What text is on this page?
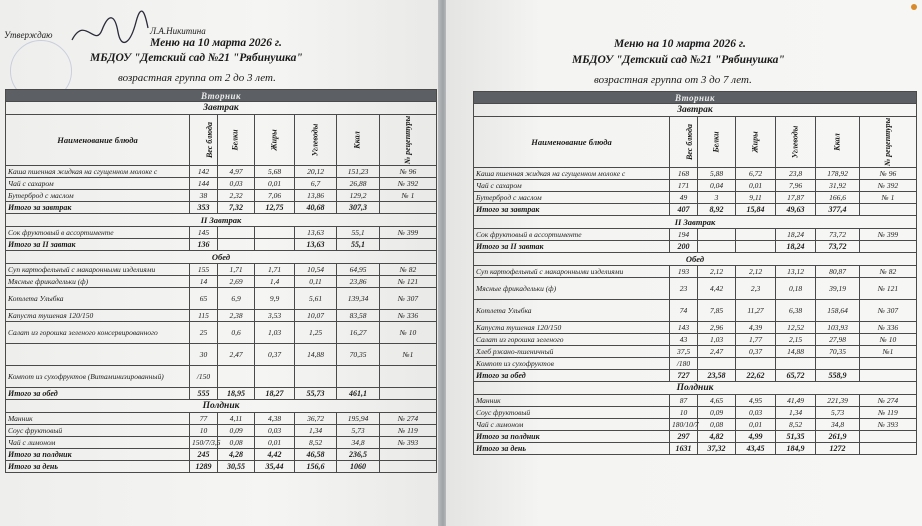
Утверждаю	Л.А.Никитина
Меню на 10 марта 2026 г.
МБДОУ "Детский сад №21 "Рябинушка"
возрастная группа от 2 до 3 лет.
Вторник						
Завтрак						
Наименование блюда	Вес блюда	Белки	Жиры	Углеводы	Ккал	№ рецептуры
Каша пшенная жидкая на сгущенном молоке с	142	4,97	5,68	20,12	151,23	№ 96
Чай с сахаром	144	0,03	0,01	6,7	26,88	№ 392
Бутерброд с маслом	38	2,32	7,06	13,86	129,2	№ 1
Итого за завтрак	353	7,32	12,75	40,68	307,3	
II Завтрак						
Сок фруктовый в ассортименте	145			13,63	55,1	№ 399
Итого за II завтак	136			13,63	55,1	
Обед						
Суп картофельный с макаронными изделиями	155	1,71	1,71	10,54	64,95	№ 82
Мясные фрикадельки (ф)	14	2,69	1,4	0,11	23,86	№ 121
Котлета Улыбка	65	6,9	9,9	5,61	139,34	№ 307
Капуста тушеная 120/150	115	2,38	3,53	10,07	83,58	№ 336
Салат из горошка зеленого консервированного	25	0,6	1,03	1,25	16,27	№ 10
	30	2,47	0,37	14,88	70,35	№1
Компот из сухофруктов (Витаминизированный)	/150					
Итого за обед	555	18,95	18,27	55,73	461,1	
Полдник						
Манник	77	4,11	4,38	36,72	195,94	№ 274
Соус фруктовый	10	0,09	0,03	1,34	5,73	№ 119
Чай с лимоном	150/7/3,5	0,08	0,01	8,52	34,8	№ 393
Итого за полдник	245	4,28	4,42	46,58	236,5	
Итого за день	1289	30,55	35,44	156,6	1060	
Меню на 10 марта 2026 г.
МБДОУ "Детский сад №21 "Рябинушка"
возрастная группа от 3 до 7 лет.
Вторник						
Завтрак						
Наименование блюда	Вес блюда	Белки	Жиры	Углеводы	Ккал	№ рецептуры
Каша пшенная жидкая на сгущенном молоке с	168	5,88	6,72	23,8	178,92	№ 96
Чай с сахаром	171	0,04	0,01	7,96	31,92	№ 392
Бутерброд с маслом	49	3	9,11	17,87	166,6	№ 1
Итого за завтрак	407	8,92	15,84	49,63	377,4	
II Завтрак						
Сок фруктовый в ассортименте	194			18,24	73,72	№ 399
Итого за II завтак	200			18,24	73,72	
Обед						
Суп картофельный с макаронными изделиями	193	2,12	2,12	13,12	80,87	№ 82
Мясные фрикадельки (ф)	23	4,42	2,3	0,18	39,19	№ 121
Котлета Улыбка	74	7,85	11,27	6,38	158,64	№ 307
Капуста тушеная 120/150	143	2,96	4,39	12,52	103,93	№ 336
Салат из горошка зеленого	43	1,03	1,77	2,15	27,98	№ 10
Хлеб ржано-пшеничный	37,5	2,47	0,37	14,88	70,35	№1
Компот из сухофруктов	/180					
Итого за обед	727	23,58	22,62	65,72	558,9	
Полдник						
Манник	87	4,65	4,95	41,49	221,39	№ 274
Соус фруктовый	10	0,09	0,03	1,34	5,73	№ 119
Чай с лимоном	180/10/7	0,08	0,01	8,52	34,8	№ 393
Итого за полдник	297	4,82	4,99	51,35	261,9	
Итого за день	1631	37,32	43,45	184,9	1272	
